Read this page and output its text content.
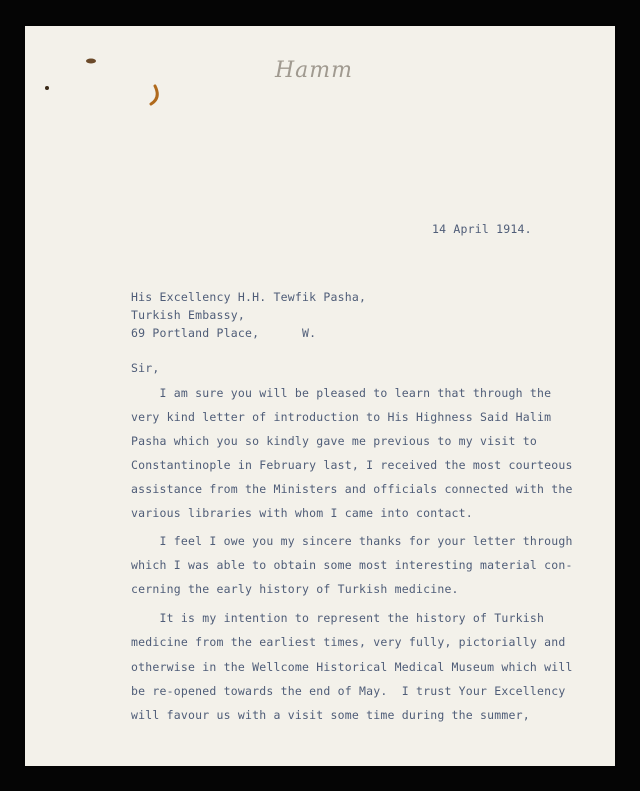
Hamm
14 April 1914.
His Excellency H.H. Tewfik Pasha,
Turkish Embassy,
69 Portland Place,      W.
Sir,
I am sure you will be pleased to learn that through the
very kind letter of introduction to His Highness Said Halim
Pasha which you so kindly gave me previous to my visit to
Constantinople in February last, I received the most courteous
assistance from the Ministers and officials connected with the
various libraries with whom I came into contact.
I feel I owe you my sincere thanks for your letter through
which I was able to obtain some most interesting material con-
cerning the early history of Turkish medicine.
It is my intention to represent the history of Turkish
medicine from the earliest times, very fully, pictorially and
otherwise in the Wellcome Historical Medical Museum which will
be re-opened towards the end of May.  I trust Your Excellency
will favour us with a visit some time during the summer,
